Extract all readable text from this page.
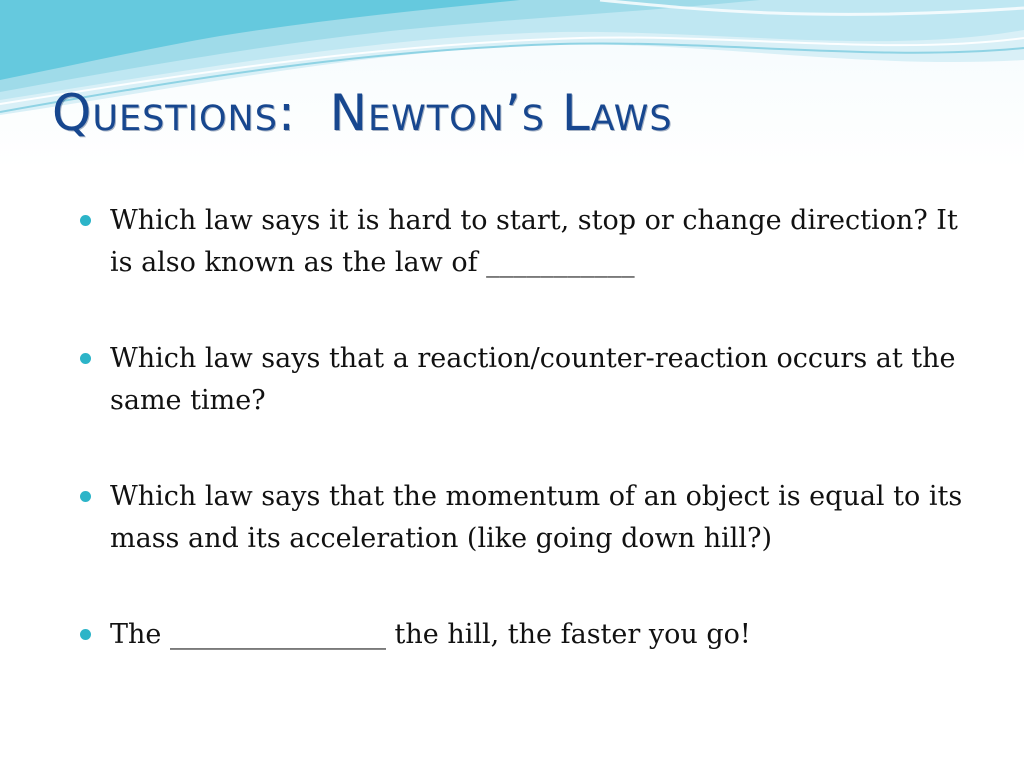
Questions:  Newton’s Laws
Which law says it is hard to start, stop or change direction? It is also known as the law of ___________
Which law says that a reaction/counter-reaction occurs at the same time?
Which law says that the momentum of an object is equal to its mass and its acceleration (like going down hill?)
The ________________ the hill, the faster you go!
